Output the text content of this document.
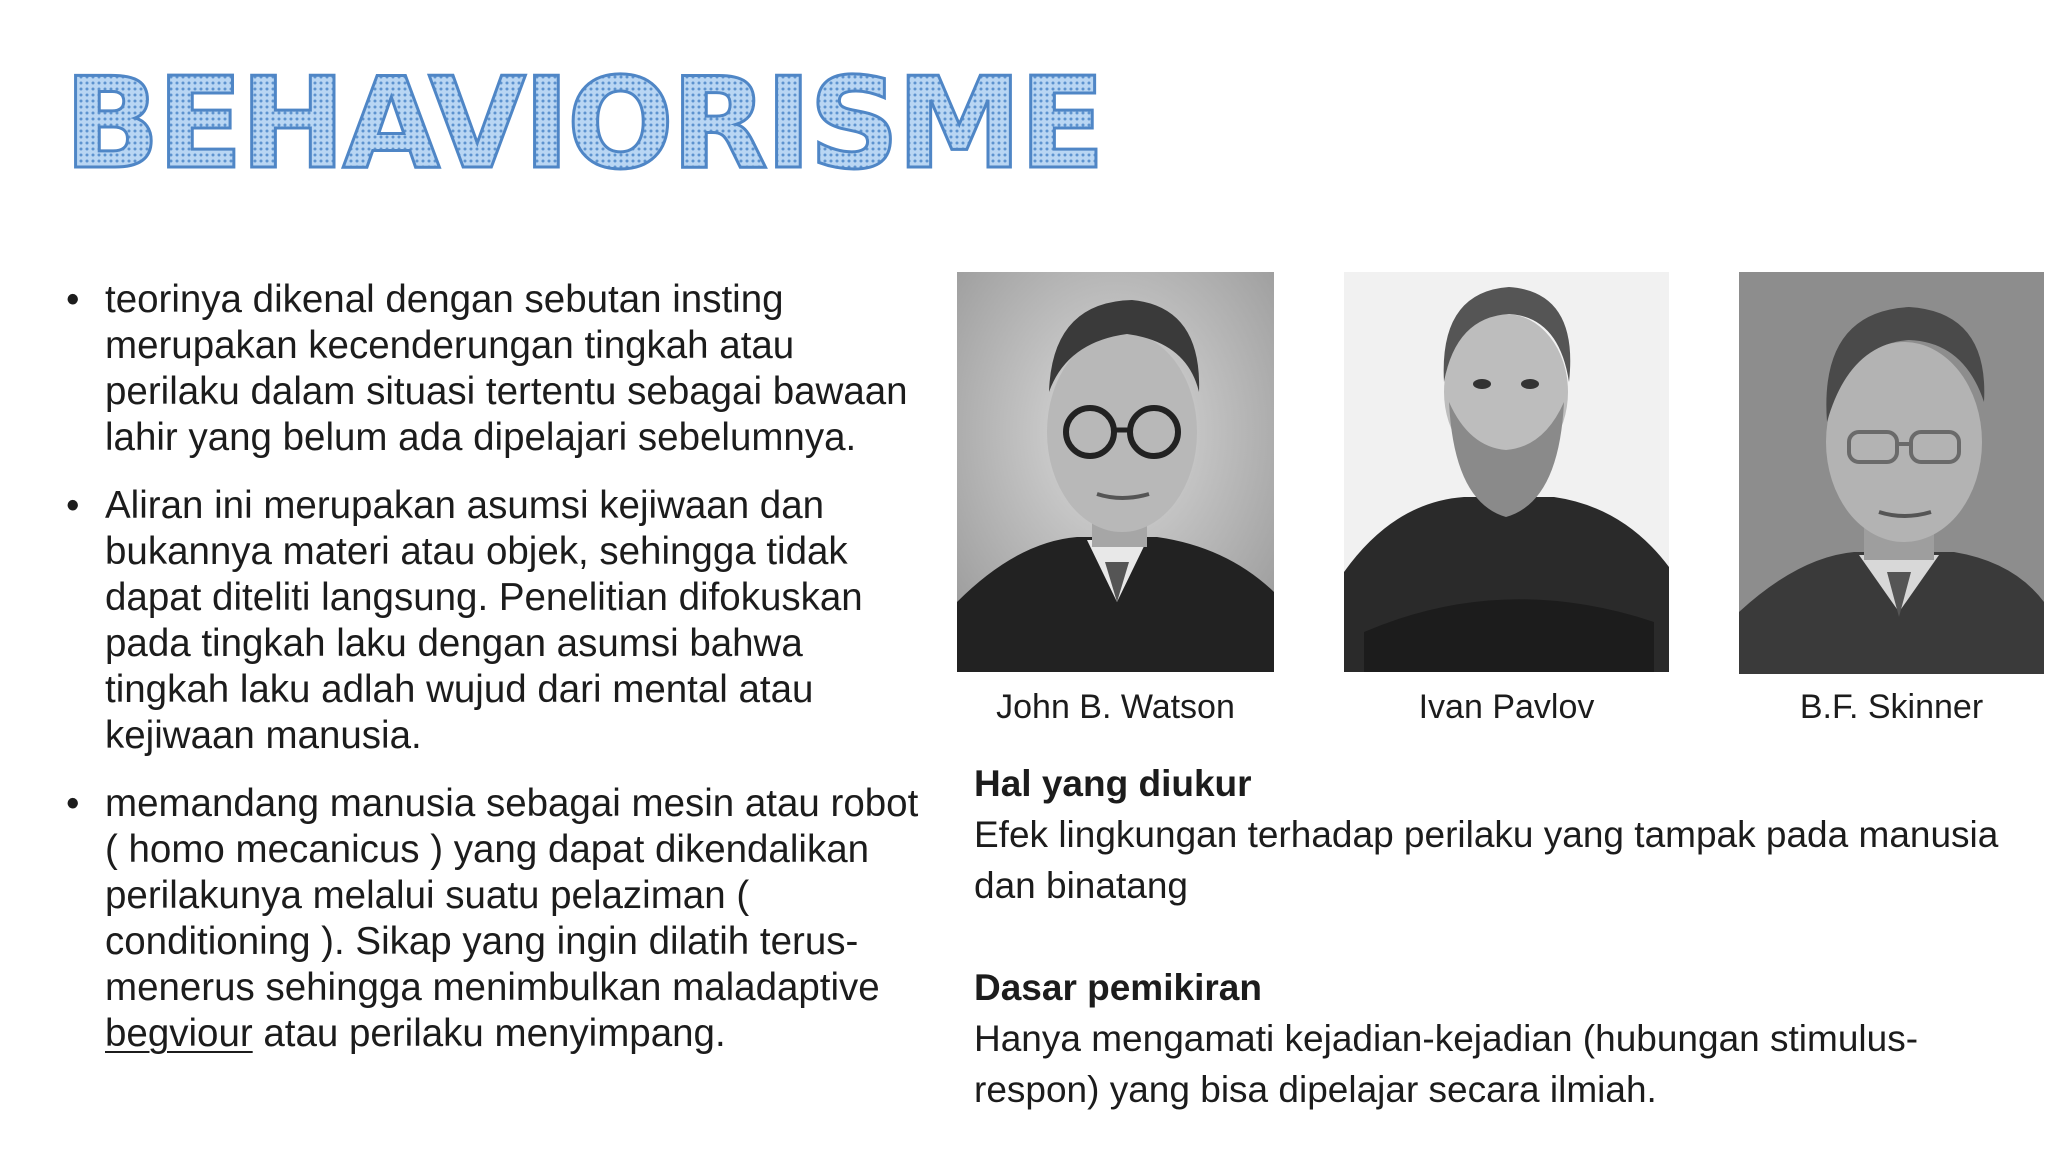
BEHAVIORISME
• teorinya dikenal dengan sebutan insting merupakan kecenderungan tingkah atau perilaku dalam situasi tertentu sebagai bawaan lahir yang belum ada dipelajari sebelumnya.
• Aliran ini merupakan asumsi kejiwaan dan bukannya materi atau objek, sehingga tidak dapat diteliti langsung. Penelitian difokuskan pada tingkah laku dengan asumsi bahwa tingkah laku adlah wujud dari mental atau kejiwaan manusia.
• memandang manusia sebagai mesin atau robot ( homo mecanicus ) yang dapat dikendalikan perilakunya melalui suatu pelaziman ( conditioning ). Sikap yang ingin dilatih terus-menerus sehingga menimbulkan maladaptive begviour atau perilaku menyimpang.
John B. Watson	Ivan Pavlov	B.F. Skinner
Hal yang diukur
Efek lingkungan terhadap perilaku yang tampak pada manusia dan binatang
Dasar pemikiran
Hanya mengamati kejadian-kejadian (hubungan stimulus-respon) yang bisa dipelajar secara ilmiah.
